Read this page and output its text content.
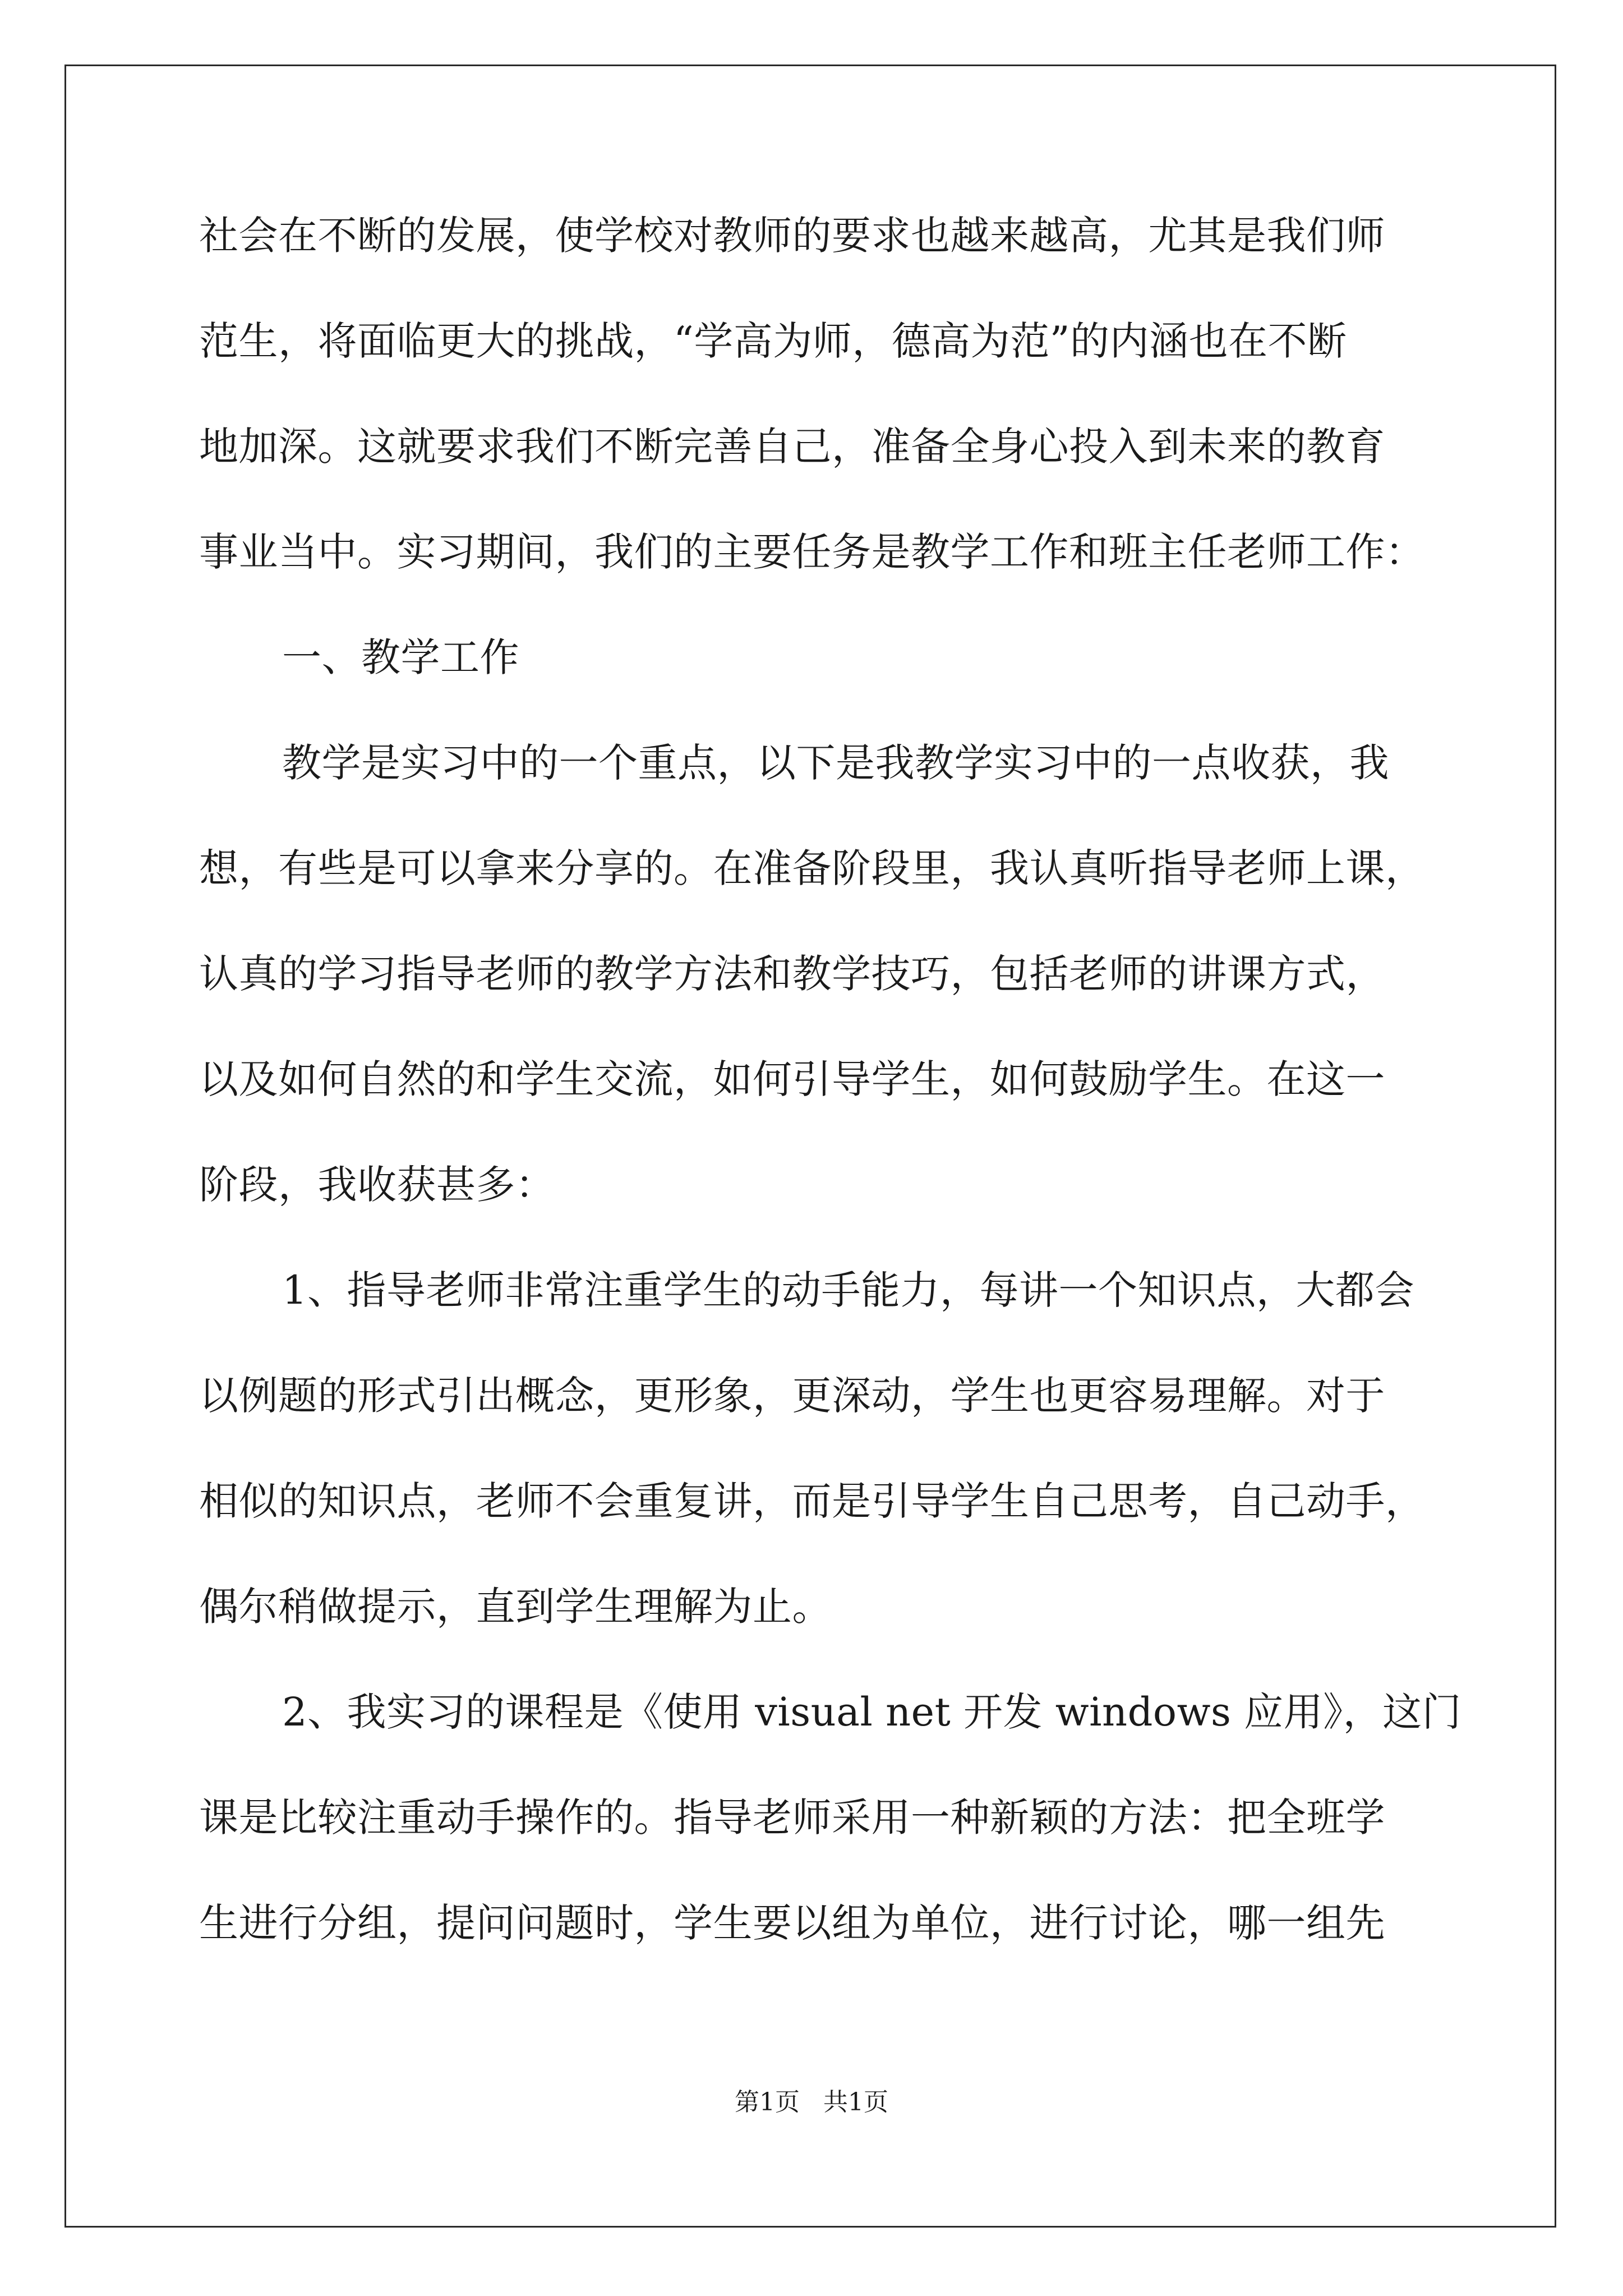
社会在不断的发展，使学校对教师的要求也越来越高，尤其是我们师
范生，将面临更大的挑战，“学高为师，德高为范”的内涵也在不断
地加深。这就要求我们不断完善自己，准备全身心投入到未来的教育
事业当中。实习期间，我们的主要任务是教学工作和班主任老师工作：
一、教学工作
教学是实习中的一个重点，以下是我教学实习中的一点收获，我
想，有些是可以拿来分享的。在准备阶段里，我认真听指导老师上课，
认真的学习指导老师的教学方法和教学技巧，包括老师的讲课方式，
以及如何自然的和学生交流，如何引导学生，如何鼓励学生。在这一
阶段，我收获甚多：
1、指导老师非常注重学生的动手能力，每讲一个知识点，大都会
以例题的形式引出概念，更形象，更深动，学生也更容易理解。对于
相似的知识点，老师不会重复讲，而是引导学生自己思考，自己动手，
偶尔稍做提示，直到学生理解为止。
2、我实习的课程是《使用 visual net 开发 windows 应用》，这门
课是比较注重动手操作的。指导老师采用一种新颖的方法：把全班学
生进行分组，提问问题时，学生要以组为单位，进行讨论，哪一组先
第1页   共1页
